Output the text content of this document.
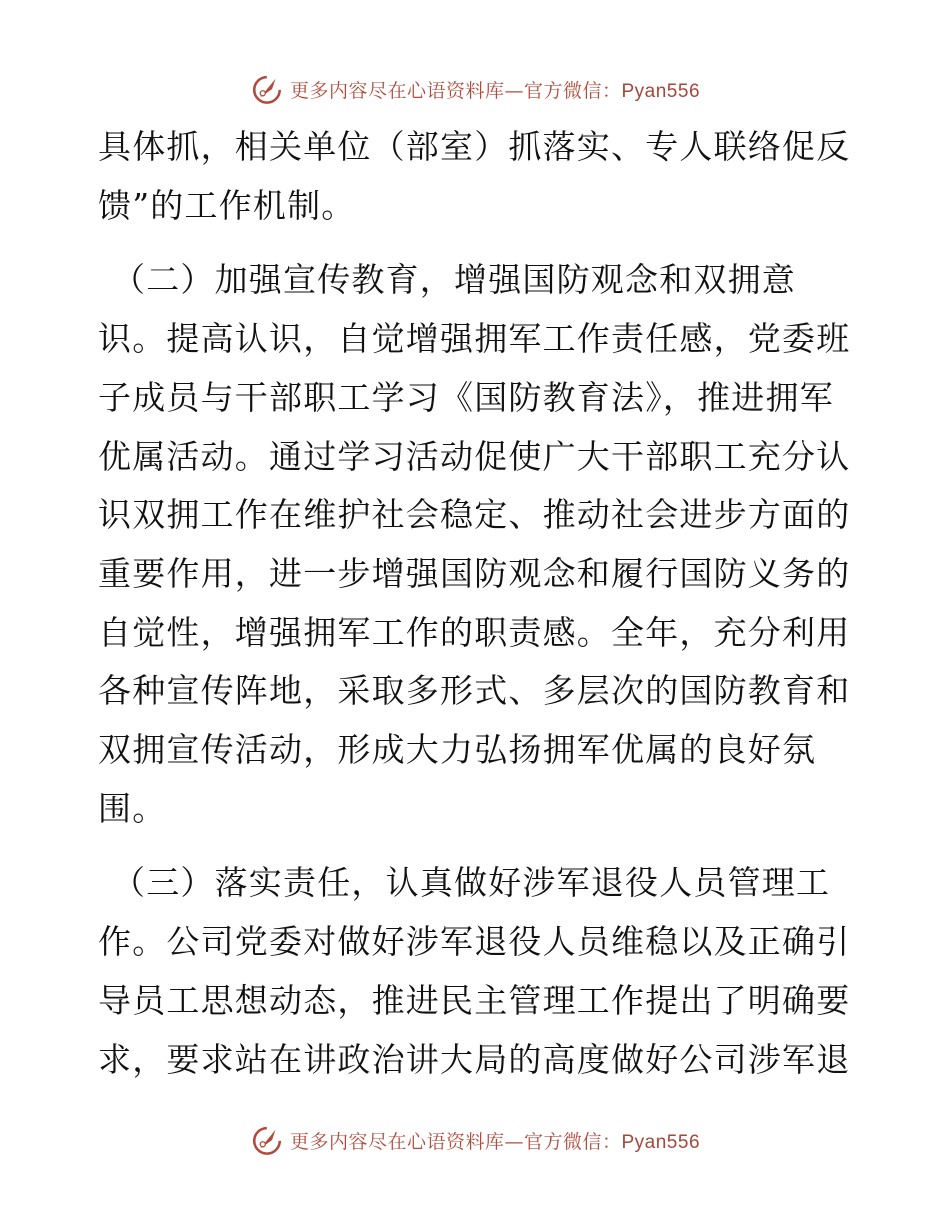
更多内容尽在心语资料库—官方微信：Pyan556

具体抓，相关单位（部室）抓落实、专人联络促反
馈”的工作机制。

（二）加强宣传教育，增强国防观念和双拥意
识。提高认识，自觉增强拥军工作责任感，党委班
子成员与干部职工学习《国防教育法》，推进拥军
优属活动。通过学习活动促使广大干部职工充分认
识双拥工作在维护社会稳定、推动社会进步方面的
重要作用，进一步增强国防观念和履行国防义务的
自觉性，增强拥军工作的职责感。全年，充分利用
各种宣传阵地，采取多形式、多层次的国防教育和
双拥宣传活动，形成大力弘扬拥军优属的良好氛
围。

（三）落实责任，认真做好涉军退役人员管理工
作。公司党委对做好涉军退役人员维稳以及正确引
导员工思想动态，推进民主管理工作提出了明确要
求，要求站在讲政治讲大局的高度做好公司涉军退

更多内容尽在心语资料库—官方微信：Pyan556
